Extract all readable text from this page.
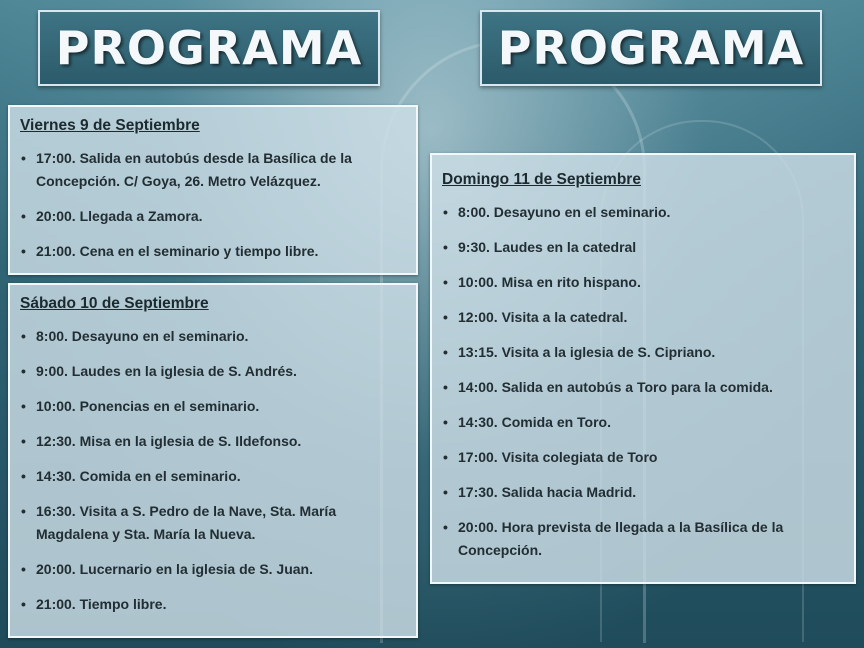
PROGRAMA	PROGRAMA
Viernes 9 de Septiembre
• 17:00. Salida en autobús desde la Basílica de la Concepción. C/ Goya, 26. Metro Velázquez.
• 20:00. Llegada a Zamora.
• 21:00. Cena en el seminario y tiempo libre.
Sábado 10 de Septiembre
• 8:00. Desayuno en el seminario.
• 9:00. Laudes en la iglesia de S. Andrés.
• 10:00. Ponencias en el seminario.
• 12:30. Misa en la iglesia de S. Ildefonso.
• 14:30. Comida en el seminario.
• 16:30. Visita a S. Pedro de la Nave, Sta. María Magdalena y Sta. María la Nueva.
• 20:00. Lucernario en la iglesia de S. Juan.
• 21:00. Tiempo libre.
Domingo 11 de Septiembre
• 8:00. Desayuno en el seminario.
• 9:30. Laudes en la catedral
• 10:00. Misa en rito hispano.
• 12:00. Visita a la catedral.
• 13:15. Visita a la iglesia de S. Cipriano.
• 14:00. Salida en autobús a Toro para la comida.
• 14:30. Comida en Toro.
• 17:00. Visita colegiata de Toro
• 17:30. Salida hacia Madrid.
• 20:00. Hora prevista de llegada a la Basílica de la Concepción.
